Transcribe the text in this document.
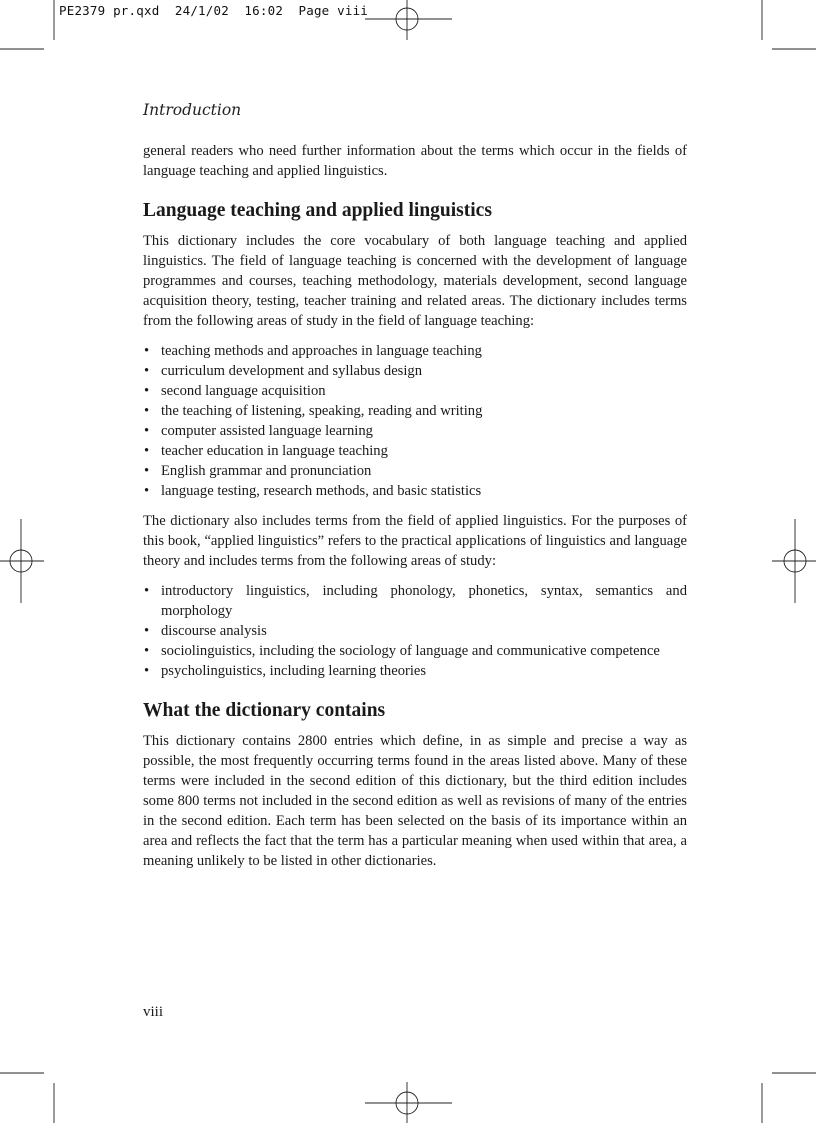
PE2379 pr.qxd  24/1/02  16:02  Page viii
Introduction

general readers who need further information about the terms which occur in the fields of language teaching and applied linguistics.

Language teaching and applied linguistics

This dictionary includes the core vocabulary of both language teaching and applied linguistics. The field of language teaching is concerned with the development of language programmes and courses, teaching methodology, materials development, second language acquisition theory, testing, teacher training and related areas. The dictionary includes terms from the following areas of study in the field of language teaching:

• teaching methods and approaches in language teaching
• curriculum development and syllabus design
• second language acquisition
• the teaching of listening, speaking, reading and writing
• computer assisted language learning
• teacher education in language teaching
• English grammar and pronunciation
• language testing, research methods, and basic statistics

The dictionary also includes terms from the field of applied linguistics. For the purposes of this book, “applied linguistics” refers to the practical applications of linguistics and language theory and includes terms from the following areas of study:

• introductory linguistics, including phonology, phonetics, syntax, semantics and morphology
• discourse analysis
• sociolinguistics, including the sociology of language and communicative competence
• psycholinguistics, including learning theories
What the dictionary contains

This dictionary contains 2800 entries which define, in as simple and precise a way as possible, the most frequently occurring terms found in the areas listed above. Many of these terms were included in the second edition of this dictionary, but the third edition includes some 800 terms not included in the second edition as well as revisions of many of the entries in the second edition. Each term has been selected on the basis of its importance within an area and reflects the fact that the term has a particular meaning when used within that area, a meaning unlikely to be listed in other dictionaries.

viii
